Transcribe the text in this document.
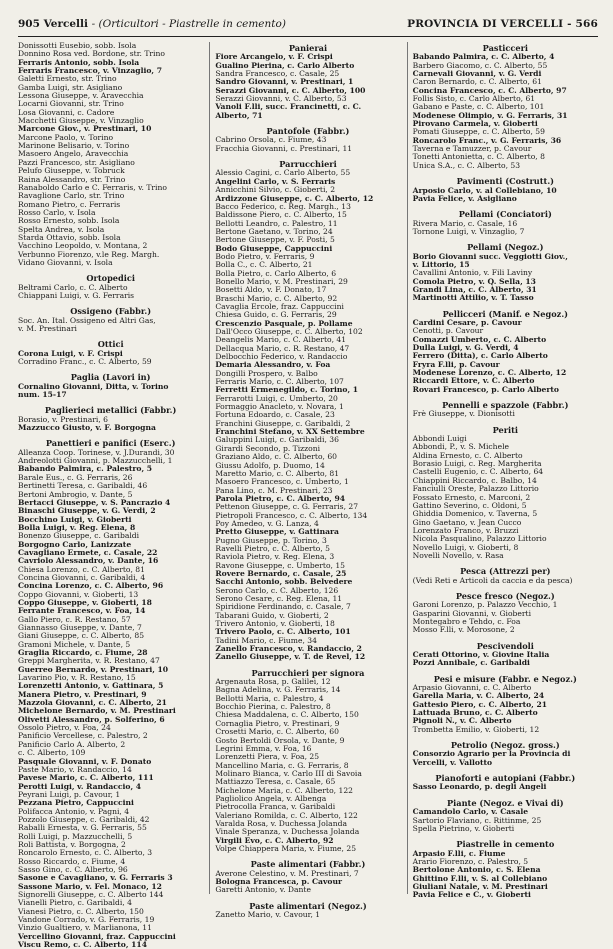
905 Vercelli - (Orticultori - Piastrelle in cemento)	PROVINCIA DI VERCELLI - 566
Donissotti Eusebio, sobb. Isola
Donnino Rosa ved. Bordone, str. Trino
Ferraris Antonio, sobb. Isola
Ferraris Francesco, v. Vinzaglio, 7
Galetti Ernesto, str. Trino
Gamba Luigi, str. Asigliano
Lessona Giuseppe, v. Aravecchia
Locarni Giovanni, str. Trino
Losa Giovanni, c. Cadore
Macchetti Giuseppe, v. Vinzaglio
Marcone Giov., v. Prestinari, 10
Marcone Paolo, v. Torino
Marinone Belisario, v. Torino
Masoero Angelo, Aravecchia
Pazzi Francesco, str. Asigliano
Pelufo Giuseppe, v. Tobruck
Raina Alessandro, str. Trino
Ranaboldo Carlo e C. Ferraris, v. Trino
Ravaglione Carlo, str. Trino
Romano Pietro, c. Ferraris
Rosso Carlo, v. Isola
Rosso Ernesto, sobb. Isola
Spelta Andrea, v. Isola
Starda Ottavio, sobb. Isola
Vacchino Leopoldo, v. Montana, 2
Verbunno Fiorenzo, v.le Reg. Margh.
Vidano Giovanni, v. Isola
Ortopedici
Beltrami Carlo, c. C. Alberto
Chiappani Luigi, v. G. Ferraris
Ossigeno (Fabbr.)
Soc. An. Ital. Ossigeno ed Altri Gas,
v. M. Prestinari
Ottici
Corona Luigi, v. F. Crispi
Corradino Franc., c. C. Alberto, 59
Paglia (Lavori in)
Cornalino Giovanni, Ditta, v. Torino
num. 15-17
Paglierieci metallici (Fabbr.)
Borasio, v. Prestinari, 6
Mazzucco Giusto, v. F. Borgogna
Panettieri e panifici (Eserc.)
Alleanza Coop. Torinese, v. J.Durandi, 30
Andreolotti Giovanni, p. Mazzucchelli, 1
Babando Palmira, c. Palestro, 5
Barale Eus., c. G. Ferraris, 26
Bertinetti Teresa, c. Garibaldi, 46
Bertoni Ambrogio, v. Dante, 5
Bertacci Giuseppe, v. S. Pancrazio 4
Binaschi Giuseppe, v. G. Verdi, 2
Bocchino Luigi, v. Gioberti
Bolla Luigi, v. Reg. Elena, 8
Bonenzo Giuseppe, c. Garibaldi
Borgogno Carlo, Lanizzate
Cavagliano Ermete, c. Casale, 22
Cavriolo Alessandro, v. Dante, 16
Chiesa Lorenzo, c. C. Alberto, 81
Concina Giovanni, c. Garibaldi, 4
Concina Lorenzo, c. C. Alberto, 96
Coppo Giovanni, v. Gioberti, 13
Coppo Giuseppe, v. Gioberti, 18
Ferrante Francesco, v. Foa, 14
Gallo Piero, c. R. Restano, 57
Giannasso Giuseppe, v. Dante, 7
Giani Giuseppe, c. C. Alberto, 85
Gramoni Michele, v. Dante, 5
Graglia Riccardo, c. Fiume, 28
Greppi Margherita, v. R. Restano, 47
Guerreo Bernardo, v. Prestinari, 10
Lavarino Pio, v. R. Restano, 15
Lorenzetti Antonio, v. Gattinara, 5
Manera Pietro, v. Prestinari, 9
Mazzola Giovanni, c. C. Alberto, 21
Michelone Bernardo, v. M. Prestinari
Olivetti Alessandro, p. Solferino, 6
Ossolo Pietro, v. Foa, 24
Panificio Vercellese, c. Palestro, 2
Panificio Carlo A. Alberto, 2
c. C. Alberto, 109
Pasquale Giovanni, v. F. Donato
Paste Mario, v. Randaccio, 14
Pavese Mario, c. C. Alberto, 111
Perotti Luigi, v. Randaccio, 4
Peyrani Luigi, p. Cavour, 1
Pezzana Pietro, Cappuccini
Polifacca Antonio, v. Pagni, 4
Pozzolo Giuseppe, c. Garibaldi, 42
Raballi Ernesta, v. G. Ferraris, 55
Rolli Luigi, p. Mazzucchelli, 5
Roli Battista, v. Borgogna, 2
Roncarolo Ernesto, c. C. Alberto, 3
Rosso Riccardo, c. Fiume, 4
Sasso Gino, c. C. Alberto, 96
Sasone e Cavagliano, v. G. Ferraris 3
Sassone Mario, v. Fel. Monaco, 12
Signorelli Giuseppe, c. C. Alberto 144
Vianelli Pietro, c. Garibaldi, 4
Vianesi Pietro, c. C. Alberto, 150
Vandone Corrado, v. G. Ferraris, 19
Vinzio Gualtiero, v. Marlianona, 11
Vercellino Giovanni, fraz. Cappuccini
Viscu Remo, c. C. Alberto, 114
Panierai
Fiore Arcangelo, v. F. Crispi
Gualino Pierina, c. Carlo Alberto
Sandra Francesco, c. Casale, 25
Sandro Giovanni, v. Prestinari, 1
Serazzi Giovanni, c. C. Alberto, 100
Serazzi Giovanni, v. C. Alberto, 53
Vanoli F.lli, succ. Francinetti, c. C.
Alberto, 71
Pantofole (Fabbr.)
Cabrino Orsola, c. Fiume, 43
Fracchia Giovanni, c. Prestinari, 11
Parrucchieri
Alessio Cagini, c. Carlo Alberto, 55
Angelini Carlo, v. S. Ferraris
Annicchini Silvio, c. Gioberti, 2
Ardizzone Giuseppe, c. C. Alberto, 12
Bacco Federico, c. Reg. Margh., 13
Baldissone Piero, c. C. Alberto, 15
Bellotti Leandro, c. Palestro, 11
Bertone Gaetano, v. Torino, 24
Bertone Giuseppe, v. F. Posti, 5
Bodo Giuseppe, Cappuccini
Bodo Pietro, v. Ferraris, 9
Bolla C., c. C. Alberto, 21
Bolla Pietro, c. Carlo Alberto, 6
Bonello Mario, v. M. Prestinari, 29
Bosetti Aldo, v. F. Donato, 17
Braschi Mario, c. C. Alberto, 92
Cavaglia Ercole, fraz. Cappuccini
Chiesa Guido, c. G. Ferraris, 29
Crescenzio Pasquale, p. Pollame
Dall'Occo Giuseppe, c. C. Alberto, 102
Deangelis Mario, c. C. Alberto, 41
Dellacqua Mario, c. R. Restano, 47
Delbocchio Federico, v. Randaccio
Demaria Alessandro, v. Foa
Dongilli Prospero, v. Balbo
Ferraris Mario, c. C. Alberto, 107
Ferretti Ermenegildo, c. Torino, 1
Ferrarotti Luigi, c. Umberto, 20
Formaggio Anacleto, v. Novara, 1
Fortuna Edoardo, c. Casale, 23
Franchini Giuseppe, c. Garibaldi, 2
Franchini Stefano, v. XX Settembre
Galuppini Luigi, c. Garibaldi, 36
Girardi Secondo, p. Tizzoni
Graziano Aldo, c. C. Alberto, 60
Giussu Adolfo, p. Duomo, 14
Maretto Mario, c. C. Alberto, 81
Masoero Francesco, c. Umberto, 1
Pana Lino, c. M. Prestinari, 23
Parola Pietro, c. C. Alberto, 94
Pettenon Giuseppe, c. G. Ferraris, 27
Pietropoli Francesco, c. C. Alberto, 134
Poy Amedeo, v. G. Lanza, 4
Pretto Giuseppe, v. Gattinara
Pugno Giuseppe, p. Torino, 3
Ravelli Pietro, c. C. Alberto, 5
Raviola Pietro, v. Reg. Elena, 3
Ravone Giuseppe, c. Umberto, 15
Rovere Bernardo, c. Casale, 25
Sacchi Antonio, sobb. Belvedere
Serono Carlo, c. C. Alberto, 126
Serono Cesare, c. Reg. Elena, 11
Spiridione Ferdinando, c. Casale, 7
Tabarani Guido, v. Gioberti, 2
Trivero Antonio, v. Gioberti, 18
Trivero Paolo, c. C. Alberto, 101
Tadini Mario, c. Fiume, 34
Zanello Francesco, v. Randaccio, 2
Zanello Giuseppe, v. T. de Revel, 12
Parrucchieri per signora
Argenauta Rosa, p. Galilei, 12
Bagna Adelina, v. G. Ferraris, 14
Bellotti Maria, c. Palestro, 4
Bocchio Pierina, c. Palestro, 8
Chiesa Maddalena, c. C. Alberto, 150
Cornaglia Pietro, v. Prestinari, 9
Crosetti Mario, c. C. Alberto, 60
Gosto Bertoldi Orsola, v. Dante, 9
Legrini Emma, v. Foa, 16
Lorenzetti Piera, v. Foa, 25
Mancellino Maria, c. G. Ferraris, 8
Molinaro Bianca, v. Carlo III di Savoia
Mattiazzo Teresa, c. Casale, 65
Michelone Maria, c. C. Alberto, 122
Pagliolico Angela, v. Albenga
Pietrocolla Franca, v. Garibaldi
Valeriano Romilda, c. C. Alberto, 122
Varalda Rosa, v. Duchessa Jolanda
Vinale Speranza, v. Duchessa Jolanda
Virgili Evo, c. C. Alberto, 92
Volpe Chiappera Maria, v. Fiume, 25
Paste alimentari (Fabbr.)
Averone Celestino, v. M. Prestinari, 7
Bologna Francesca, p. Cavour
Garetti Antonio, v. Dante
Paste alimentari (Negoz.)
Zanetto Mario, v. Cavour, 1
Pasticceri
Babando Palmira, c. C. Alberto, 4
Barbero Giacomo, c. C. Alberto, 55
Carnevali Giovanni, v. G. Verdi
Caron Bernardo, c. C. Alberto, 61
Concina Francesco, c. C. Alberto, 97
Follis Sisto, c. Carlo Alberto, 61
Gabano e Paste, c. C. Alberto, 101
Modenese Olimpio, v. G. Ferraris, 31
Pirovano Carmela, v. Gioberti
Pomati Giuseppe, c. C. Alberto, 59
Roncarolo Franc., v. G. Ferraris, 36
Taverna e Tamuzzer, p. Cavour
Tonetti Antonietta, c. C. Alberto, 8
Unica S.A., c. C. Alberto, 53
Pavimenti (Costrutt.)
Arposio Carlo, v. al Collebiano, 10
Pavia Felice, v. Asigliano
Pellami (Conciatori)
Rivera Mario, c. Casale, 16
Tornone Luigi, v. Vinzaglio, 7
Pellami (Negoz.)
Borio Giovanni succ. Veggiotti Giov.,
v. Littorio, 15
Cavallini Antonio, v. Fili Laviny
Comola Pietro, v. Q. Sella, 13
Grandi Lina, c. C. Alberto, 31
Martinotti Attilio, v. T. Tasso
Pellicceri (Manif. e Negoz.)
Cardini Cesare, p. Cavour
Cenotti, p. Cavour
Comazzi Umberto, c. C. Alberto
Dulla Luigi, v. G. Verdi, 4
Ferrero (Ditta), c. Carlo Alberto
Fryra F.lli, p. Cavour
Modenese Lorenzo, c. C. Alberto, 12
Riccardi Ettore, v. C. Alberto
Rovari Francesco, p. Carlo Alberto
Pennelli e spazzole (Fabbr.)
Frè Giuseppe, v. Dionisotti
Periti
Abbondi Luigi
Abbondi, P., v. S. Michele
Aldina Ernesto, c. C. Alberto
Borasio Luigi, c. Reg. Margherita
Castelli Eugenio, c. C. Alberto, 64
Chiappini Riccardo, c. Balbo, 14
Fanciulli Oreste, Palazzo Littorio
Fossato Ernesto, c. Marconi, 2
Gattino Severino, c. Oldoni, 5
Ghiddia Domenico, v. Taverna, 5
Gino Gaetano, v. Jean Cucco
Lorenzato Franco, v. Bruzzi
Nicola Pasqualino, Palazzo Littorio
Novello Luigi, v. Gioberti, 8
Novelli Novello, v. Rasa
Pesca (Attrezzi per)
(Vedi Reti e Articoli da caccia e da pesca)
Pesce fresco (Negoz.)
Garoni Lorenzo, p. Palazzo Vecchio, 1
Gasparini Giovanni, v. Gioberti
Montegabro e Tehdo, c. Foa
Mosso F.lli, v. Morosone, 2
Pescivendoli
Cerati Ottorino, v. Giovine Italia
Pozzi Annibale, c. Garibaldi
Pesi e misure (Fabbr. e Negoz.)
Arpasio Giovanni, c. C. Alberto
Garella Maria, v. C. Alberto, 24
Gattesio Piero, c. C. Alberto, 21
Lattuada Bruno, c. C. Alberto
Pignoli N., v. C. Alberto
Trombetta Emilio, v. Gioberti, 12
Petrolio (Negoz. gross.)
Consorzio Agrario per la Provincia di
Vercelli, v. Vallotto
Pianoforti e autopiani (Fabbr.)
Sasso Leonardo, p. degli Angeli
Piante (Negoz. e Vivai di)
Camandolo Carlo, v. Casale
Sartorio Flaviano, c. Rittinme, 25
Spella Pietrino, v. Gioberti
Piastrelle in cemento
Arpasio F.lli, c. Fiume
Arario Fiorenzo, c. Palestro, 5
Bertolone Antonio, c. S. Elena
Ghittino F.lli, v. S. al Collebiano
Giuliani Natale, v. M. Prestinari
Pavia Felice e C., v. Gioberti
